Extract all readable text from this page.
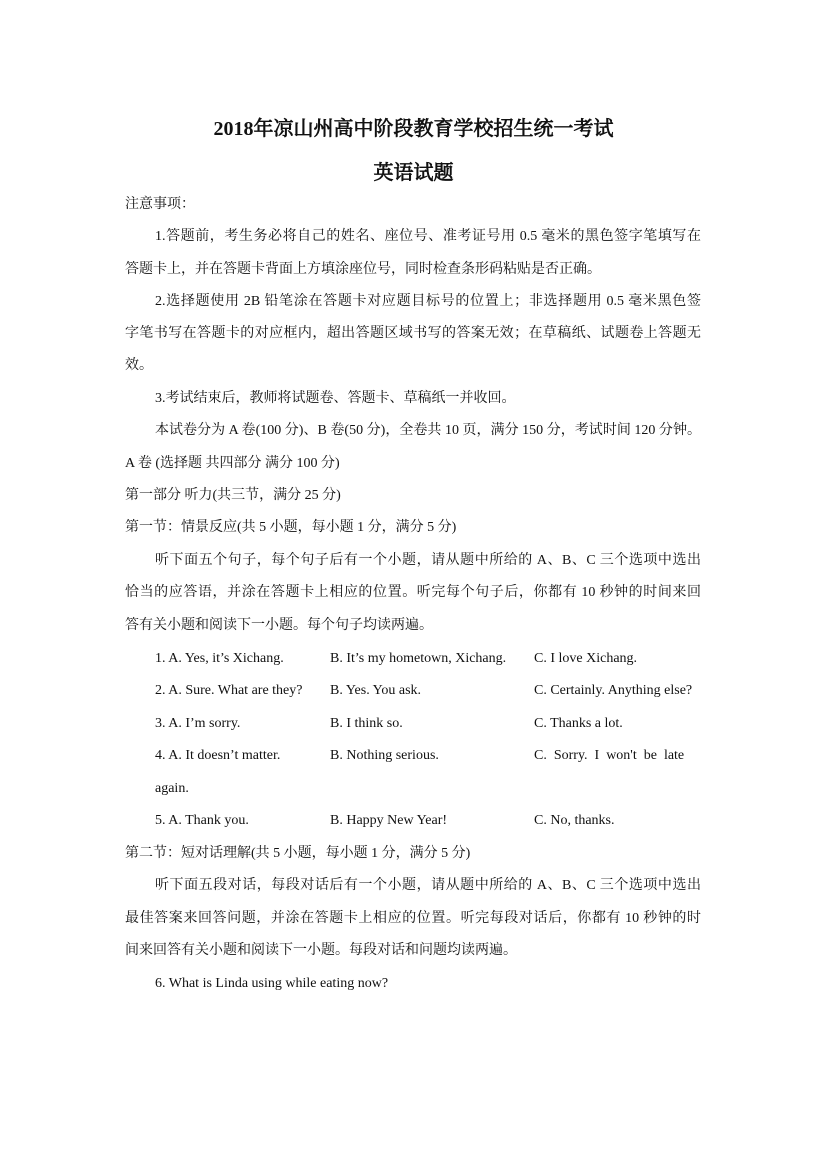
2018年凉山州高中阶段教育学校招生统一考试
英语试题
注意事项：
1.答题前，考生务必将自己的姓名、座位号、准考证号用 0.5 毫米的黑色签字笔填写在
答题卡上，并在答题卡背面上方填涂座位号，同时检查条形码粘贴是否正确。
2.选择题使用 2B 铅笔涂在答题卡对应题目标号的位置上；非选择题用 0.5 毫米黑色签
字笔书写在答题卡的对应框内，超出答题区域书写的答案无效；在草稿纸、试题卷上答题无
效。
3.考试结束后，教师将试题卷、答题卡、草稿纸一并收回。
本试卷分为 A 卷(100 分)、B 卷(50 分)，全卷共 10 页，满分 150 分，考试时间 120 分钟。
A 卷 (选择题 共四部分 满分 100 分)
第一部分 听力(共三节，满分 25 分)
第一节：情景反应(共 5 小题，每小题 1 分，满分 5 分)
听下面五个句子，每个句子后有一个小题，请从题中所给的 A、B、C 三个选项中选出
恰当的应答语，并涂在答题卡上相应的位置。听完每个句子后，你都有 10 秒钟的时间来回
答有关小题和阅读下一小题。每个句子均读两遍。
1. A. Yes, it’s Xichang.	B. It’s my hometown, Xichang. C. I love Xichang.
2. A. Sure. What are they? B. Yes. You ask.	C. Certainly. Anything else?
3. A. I’m sorry.	B. I think so.	C. Thanks a lot.
4. A. It doesn’t matter.	B. Nothing serious.	C.  Sorry.  I  won't  be  late
again.
5. A. Thank you.	B. Happy New Year!	C. No, thanks.
第二节：短对话理解(共 5 小题，每小题 1 分，满分 5 分)
听下面五段对话，每段对话后有一个小题，请从题中所给的 A、B、C 三个选项中选出
最佳答案来回答问题，并涂在答题卡上相应的位置。听完每段对话后，你都有 10 秒钟的时
间来回答有关小题和阅读下一小题。每段对话和问题均读两遍。
6. What is Linda using while eating now?
